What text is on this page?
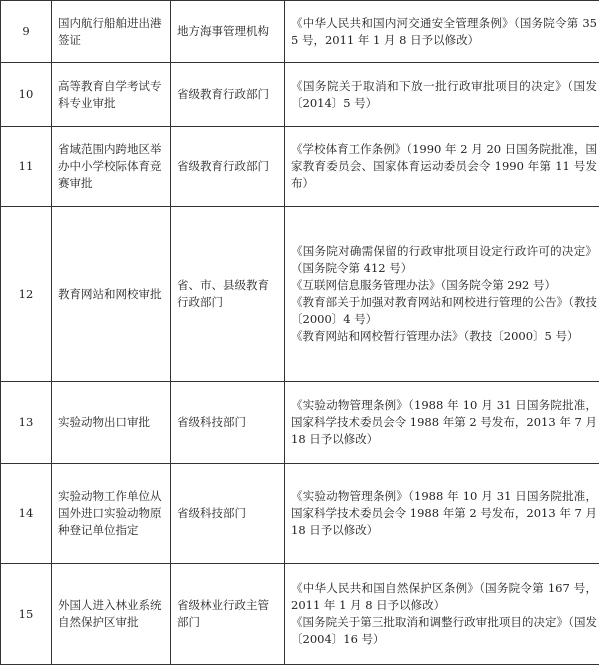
9	国内航行船舶进出港签证	地方海事管理机构	《中华人民共和国内河交通安全管理条例》（国务院令第 355 号，2011 年 1 月 8 日予以修改）

10	高等教育自学考试专科专业审批	省级教育行政部门	《国务院关于取消和下放一批行政审批项目的决定》（国发〔2014〕5 号）

11	省域范围内跨地区举办中小学校际体育竞赛审批	省级教育行政部门	《学校体育工作条例》（1990 年 2 月 20 日国务院批准，国家教育委员会、国家体育运动委员会令 1990 年第 11 号发布）

12	教育网站和网校审批	省、市、县级教育行政部门	《国务院对确需保留的行政审批项目设定行政许可的决定》（国务院令第 412 号）
《互联网信息服务管理办法》（国务院令第 292 号）
《教育部关于加强对教育网站和网校进行管理的公告》（教技〔2000〕4 号）
《教育网站和网校暂行管理办法》（教技〔2000〕5 号）

13	实验动物出口审批	省级科技部门	《实验动物管理条例》（1988 年 10 月 31 日国务院批准，国家科学技术委员会令 1988 年第 2 号发布，2013 年 7 月 18 日予以修改）

14	实验动物工作单位从国外进口实验动物原种登记单位指定	省级科技部门	《实验动物管理条例》（1988 年 10 月 31 日国务院批准，国家科学技术委员会令 1988 年第 2 号发布，2013 年 7 月 18 日予以修改）

15	外国人进入林业系统自然保护区审批	省级林业行政主管部门	《中华人民共和国自然保护区条例》（国务院令第 167 号，2011 年 1 月 8 日予以修改）
《国务院关于第三批取消和调整行政审批项目的决定》（国发〔2004〕16 号）
